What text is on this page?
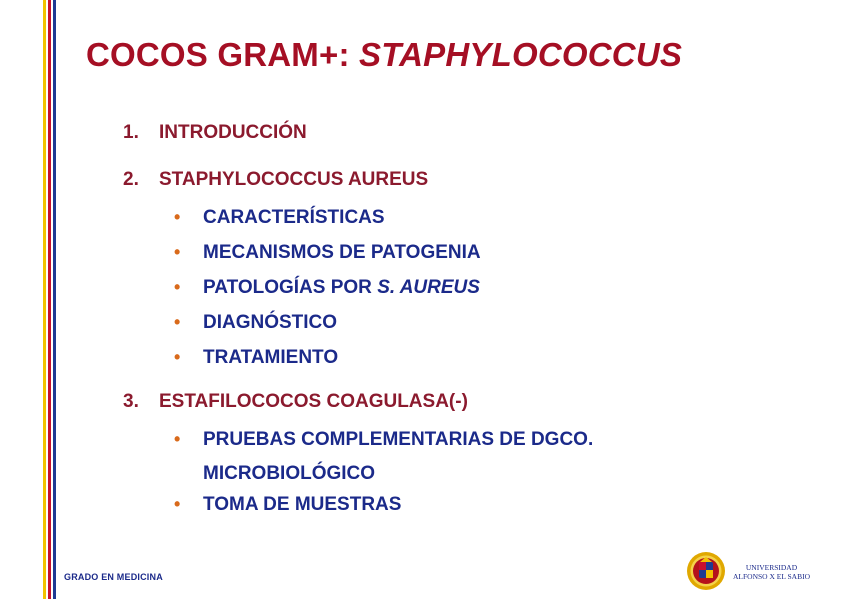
COCOS GRAM+: STAPHYLOCOCCUS
1. INTRODUCCIÓN
2. STAPHYLOCOCCUS AUREUS
• CARACTERÍSTICAS
• MECANISMOS DE PATOGENIA
• PATOLOGÍAS POR S. AUREUS
• DIAGNÓSTICO
• TRATAMIENTO
3. ESTAFILOCOCOS COAGULASA(-)
• PRUEBAS COMPLEMENTARIAS DE DGCO.
MICROBIOLÓGICO
• TOMA DE MUESTRAS
GRADO EN MEDICINA
UNIVERSIDAD
ALFONSO X EL SABIO
